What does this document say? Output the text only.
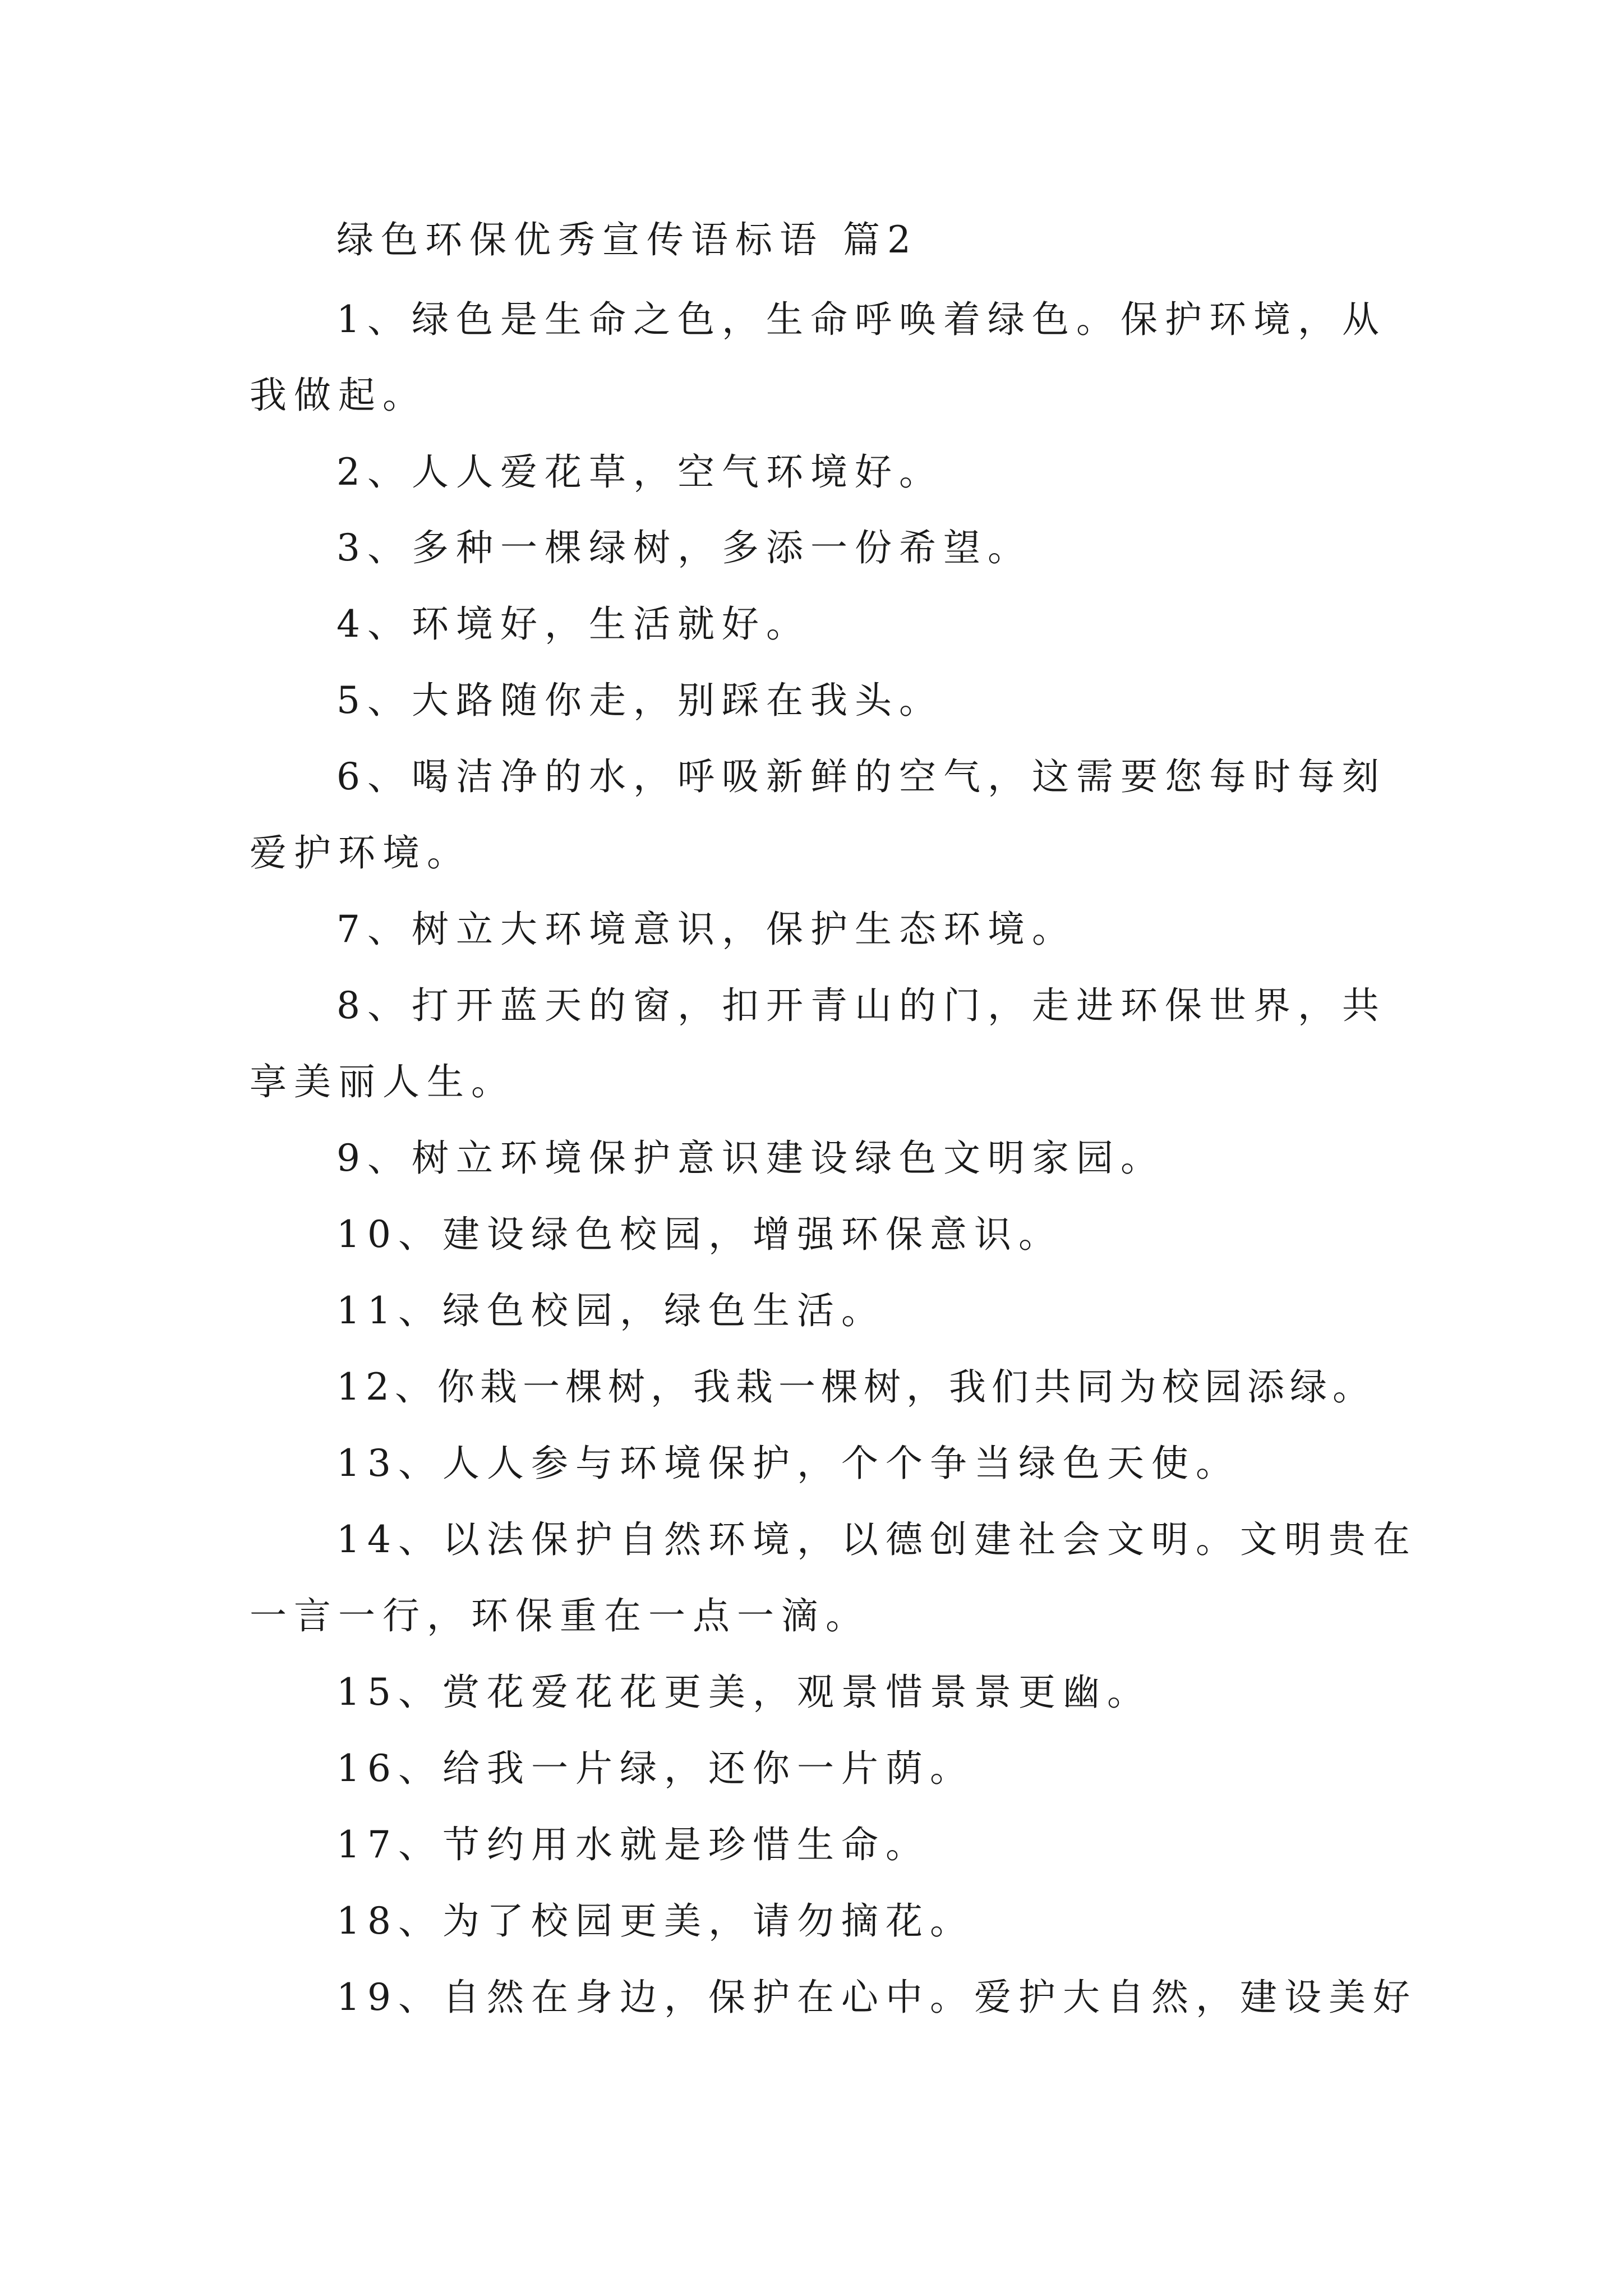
绿色环保优秀宣传语标语 篇2
1、绿色是生命之色，生命呼唤着绿色。保护环境，从
我做起。
2、人人爱花草，空气环境好。
3、多种一棵绿树，多添一份希望。
4、环境好，生活就好。
5、大路随你走，别踩在我头。
6、喝洁净的水，呼吸新鲜的空气，这需要您每时每刻
爱护环境。
7、树立大环境意识，保护生态环境。
8、打开蓝天的窗，扣开青山的门，走进环保世界，共
享美丽人生。
9、树立环境保护意识建设绿色文明家园。
10、建设绿色校园，增强环保意识。
11、绿色校园，绿色生活。
12、你栽一棵树，我栽一棵树，我们共同为校园添绿。
13、人人参与环境保护，个个争当绿色天使。
14、以法保护自然环境，以德创建社会文明。文明贵在
一言一行，环保重在一点一滴。
15、赏花爱花花更美，观景惜景景更幽。
16、给我一片绿，还你一片荫。
17、节约用水就是珍惜生命。
18、为了校园更美，请勿摘花。
19、自然在身边，保护在心中。爱护大自然，建设美好
